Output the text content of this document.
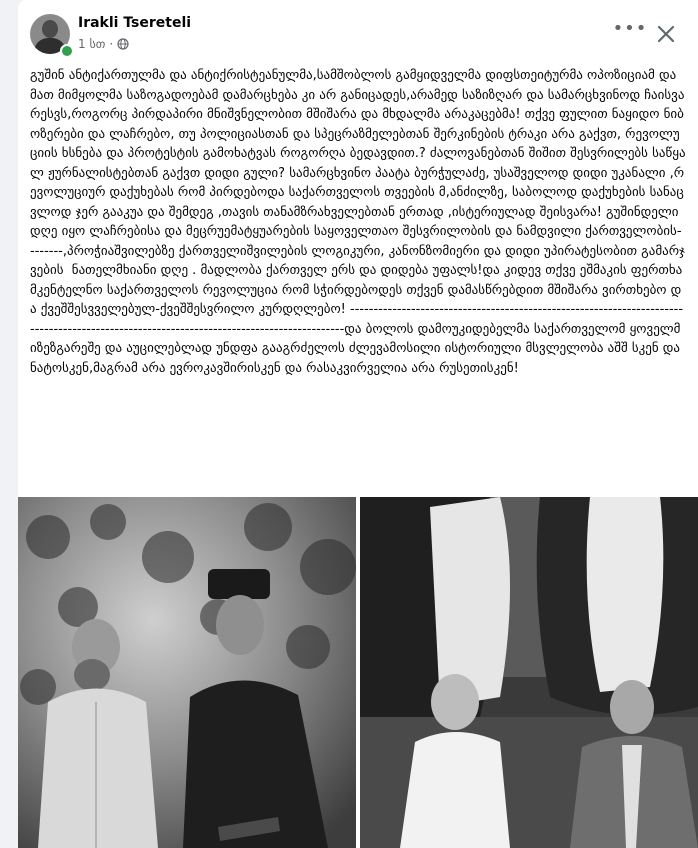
Irakli Tsereteli
1 სთ ·
•••
გუშინ ანტიქართულმა და ანტიქრისტეანულმა,სამშობლოს გამყიდველმა დიფსთეიტურმა ოპოზიციამ და მათ მიმყოლმა საზოგადოებამ დამარცხება კი არ განიცადეს,არამედ საზიზღარ და სამარცხვინოდ ჩაისვარესვს,როგორც პირდაპირი მნიშვნელობით მშიშარა და მხდალმა არაკაცებმა! თქვე ფულით ნაყიდო ნიბოზერები და ლაჩრებო, თუ პოლიციასთან და სპეცრაზმელებთან შერკინების ტრაკი არა გაქვთ, რევოლუციის ხსნება და პროტესტის გამოხატვას როგორღა ბედავდით.? ძალოვანებთან შიშით შესვრილებს საწყალ ჟურნალისტებთან გაქვთ დიდი გული? სამარცხვინო პაატა ბურჭულაძე, უსაშველოდ დიდი უკანალი ,რევოლუციურ დაქუხებას რომ პირდებოდა საქართველოს თვეების მ,ანძილზე, საბოლოდ დაქუხების სანაცვლოდ ჯერ გააკუა და შემდეგ ,თავის თანამზრახველებთან ერთად ,ისტერიულად შეისვარა! გუშინდელი დღე იყო ლაჩრებისა და მეცრუემატყუარების საყოველთაო შესვრილობის და ნამდვილი ქართველობის--------,პროჭიაშვილებზე ქართველიშვილების ლოგიკური, კანონზომიერი და დიდი უპირატესობით გამარჯვების  ნათელმხიანი დღე . მადლობა ქართველ ერს და დიდება უფალს!და კიდევ თქვე ეშმაკის ფერთხა მკენტელნო საქართველოს რევოლუცია რომ სჭირდებოდეს თქვენ დამასწრებდით მშიშარა ვირთხებო და ქვეშშესვველებულ-ქვეშშესვრილო კურდღლებო! ------------------------------------------------------------------------------------------------------------------------------------------და ბოლოს დამოუკიდებელმა საქართველომ ყოველმიზეზგარეშე და აუცილებლად უნდფა გააგრძელოს ძლევამოსილი ისტორიული მსვლელობა აშშ სკენ და ნატოსკენ,მაგრამ არა ევროკავშირისკენ და რასაკვირველია არა რუსეთისკენ!
